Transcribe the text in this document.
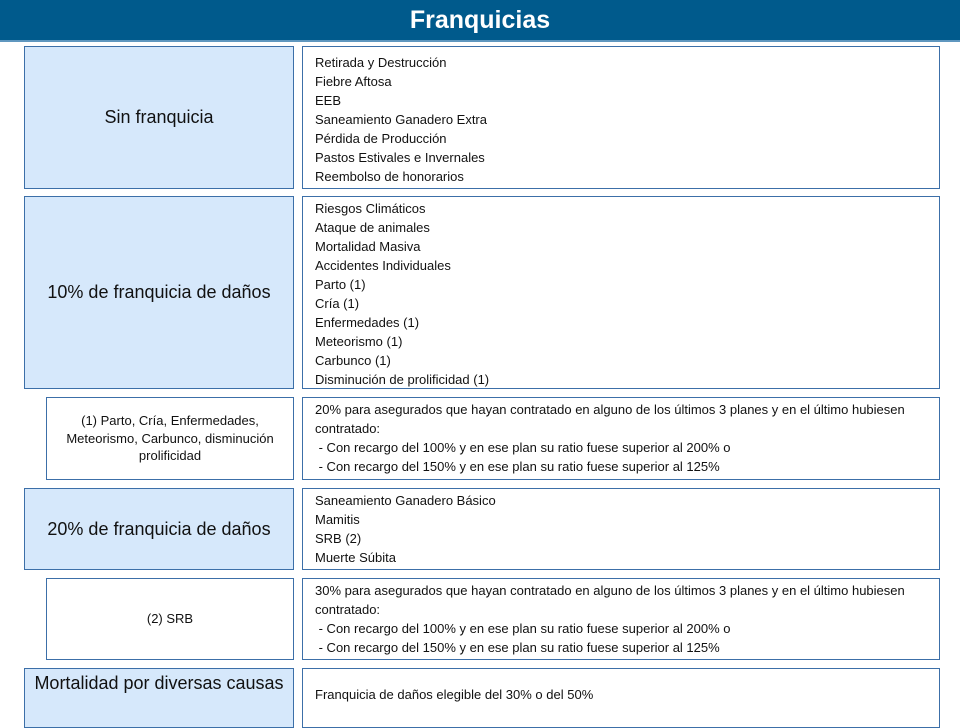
Franquicias
Sin franquicia
Retirada y Destrucción
Fiebre Aftosa
EEB
Saneamiento Ganadero Extra
Pérdida de Producción
Pastos Estivales e Invernales
Reembolso de honorarios
10% de franquicia de daños
Riesgos Climáticos
Ataque de animales
Mortalidad Masiva
Accidentes Individuales
Parto (1)
Cría (1)
Enfermedades (1)
Meteorismo (1)
Carbunco (1)
Disminución de prolificidad (1)
(1) Parto, Cría, Enfermedades, Meteorismo, Carbunco, disminución prolificidad
20% para asegurados que hayan contratado en alguno de los últimos 3 planes y en el último hubiesen contratado:
- Con recargo del 100% y en ese plan su ratio fuese superior al 200% o
- Con recargo del 150% y en ese plan su ratio fuese superior al 125%
20% de franquicia de daños
Saneamiento Ganadero Básico
Mamitis
SRB (2)
Muerte Súbita
(2) SRB
30% para asegurados que hayan contratado en alguno de los últimos 3 planes y en el último hubiesen contratado:
- Con recargo del 100% y en ese plan su ratio fuese superior al 200% o
- Con recargo del 150% y en ese plan su ratio fuese superior al 125%
Mortalidad por diversas causas
Franquicia de daños elegible del 30% o del 50%
